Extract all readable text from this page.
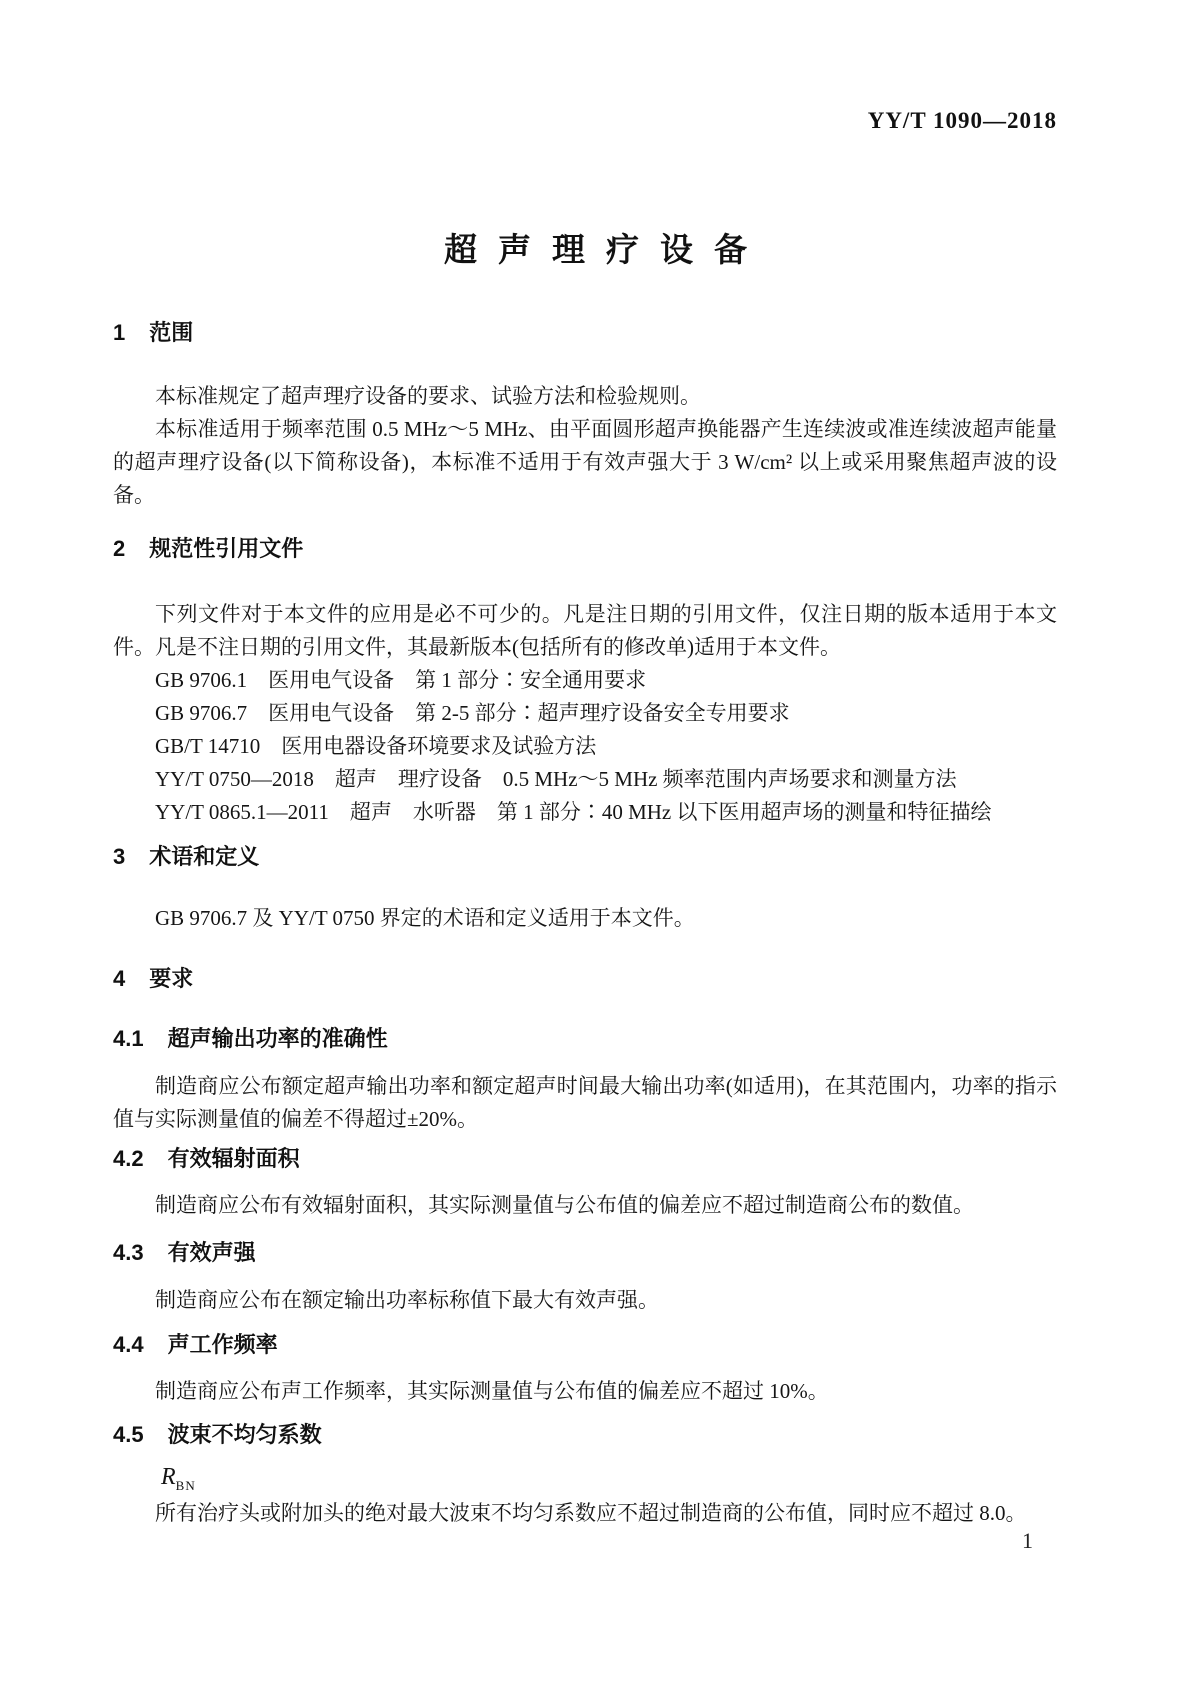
YY/T 1090—2018
超声理疗设备
1 范围

本标准规定了超声理疗设备的要求、试验方法和检验规则。

本标准适用于频率范围 0.5 MHz～5 MHz、由平面圆形超声换能器产生连续波或准连续波超声能量的超声理疗设备(以下简称设备)，本标准不适用于有效声强大于 3 W/cm² 以上或采用聚焦超声波的设备。

2 规范性引用文件

下列文件对于本文件的应用是必不可少的。凡是注日期的引用文件，仅注日期的版本适用于本文件。凡是不注日期的引用文件，其最新版本(包括所有的修改单)适用于本文件。

GB 9706.1　医用电气设备　第 1 部分∶安全通用要求
GB 9706.7　医用电气设备　第 2-5 部分∶超声理疗设备安全专用要求
GB/T 14710　医用电器设备环境要求及试验方法
YY/T 0750—2018　超声　理疗设备　0.5 MHz～5 MHz 频率范围内声场要求和测量方法
YY/T 0865.1—2011　超声　水听器　第 1 部分∶40 MHz 以下医用超声场的测量和特征描绘
3 术语和定义

GB 9706.7 及 YY/T 0750 界定的术语和定义适用于本文件。

4 要求
4.1 超声输出功率的准确性

制造商应公布额定超声输出功率和额定超声时间最大输出功率(如适用)，在其范围内，功率的指示值与实际测量值的偏差不得超过±20%。

4.2 有效辐射面积

制造商应公布有效辐射面积，其实际测量值与公布值的偏差应不超过制造商公布的数值。

4.3 有效声强

制造商应公布在额定输出功率标称值下最大有效声强。

4.4 声工作频率

制造商应公布声工作频率，其实际测量值与公布值的偏差应不超过 10%。

4.5 波束不均匀系数
$R_{BN}$

所有治疗头或附加头的绝对最大波束不均匀系数应不超过制造商的公布值，同时应不超过 8.0。

1
